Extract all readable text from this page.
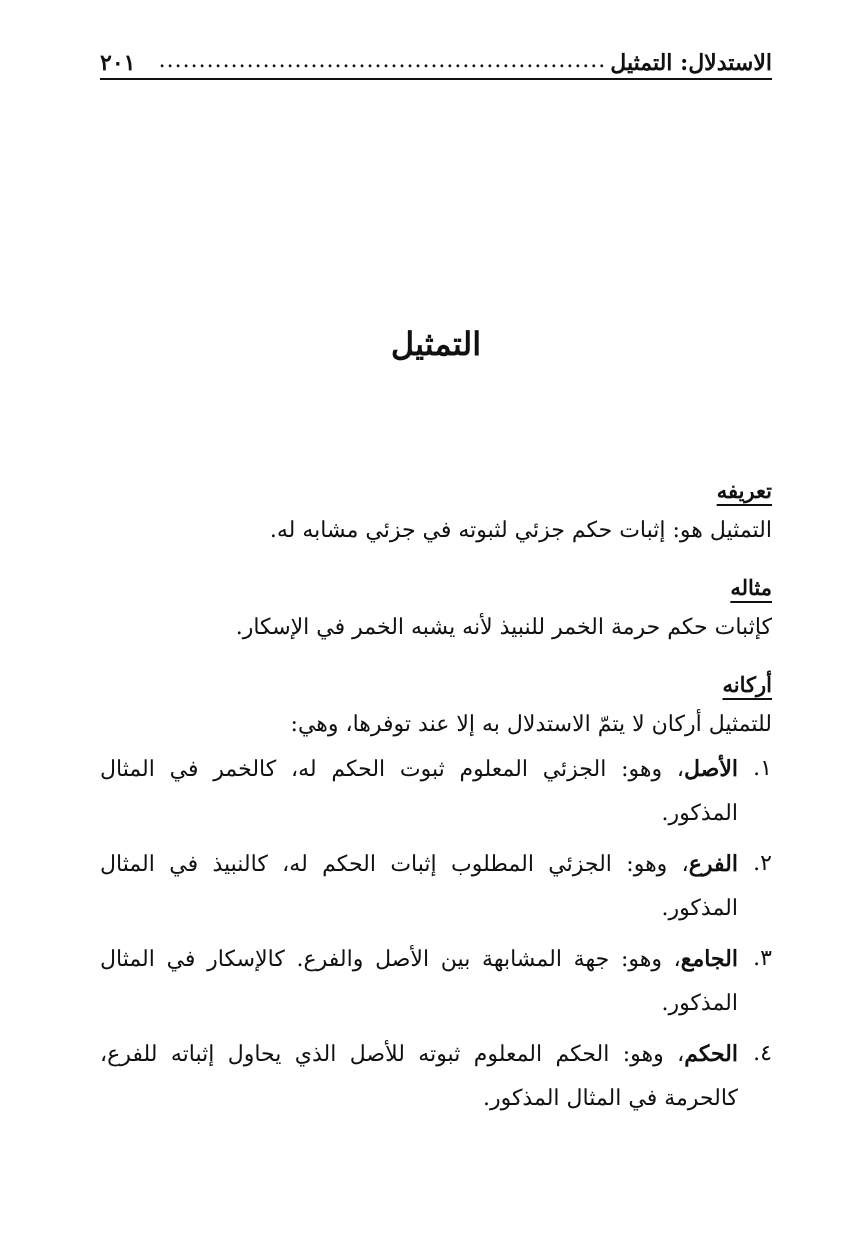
الاستدلال: التمثيل
........................................................
٢٠١
التمثيل
تعريفه

التمثيل هو: إثبات حكم جزئي لثبوته في جزئي مشابه له.

مثاله

كإثبات حكم حرمة الخمر للنبيذ لأنه يشبه الخمر في الإسكار.

أركانه

للتمثيل أركان لا يتمّ الاستدلال به إلا عند توفرها، وهي:

١.
الأصل، وهو: الجزئي المعلوم ثبوت الحكم له، كالخمر في المثال المذكور.
٢.
الفرع، وهو: الجزئي المطلوب إثبات الحكم له، كالنبيذ في المثال المذكور.
٣.
الجامع، وهو: جهة المشابهة بين الأصل والفرع. كالإسكار في المثال المذكور.
٤.
الحكم، وهو: الحكم المعلوم ثبوته للأصل الذي يحاول إثباته للفرع، كالحرمة في المثال المذكور.
